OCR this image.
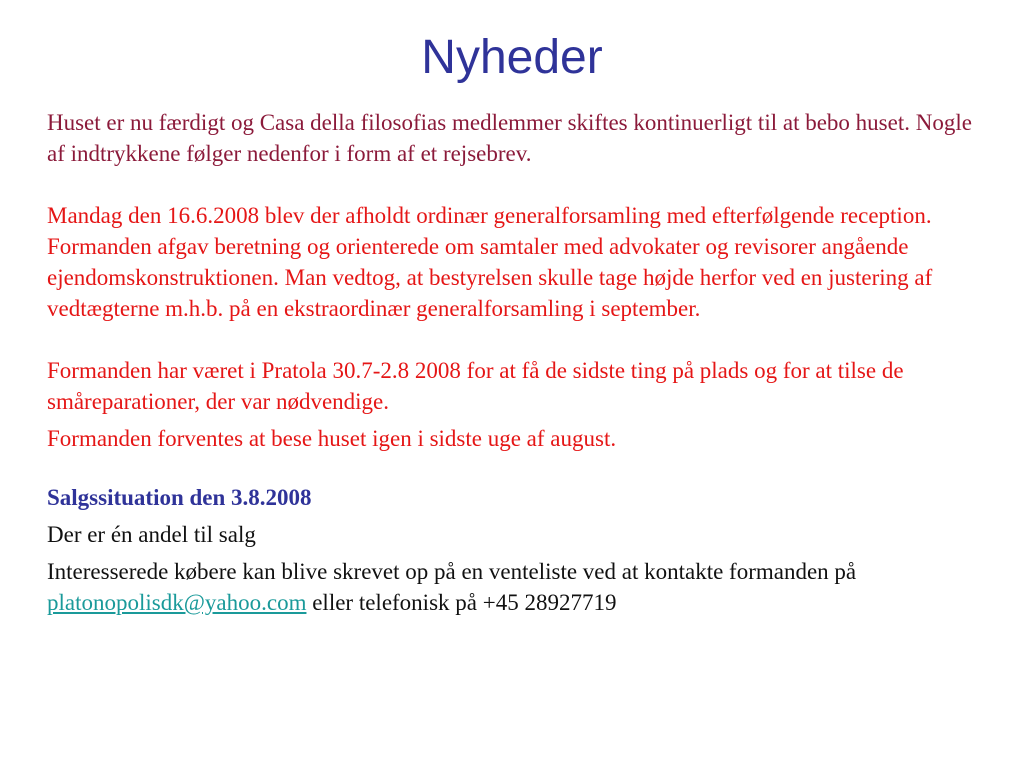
Nyheder

Huset er nu færdigt og Casa della filosofias medlemmer skiftes kontinuerligt til at bebo huset. Nogle af indtrykkene følger nedenfor i form af et rejsebrev.

Mandag den 16.6.2008 blev der afholdt ordinær generalforsamling med efterfølgende reception. Formanden afgav beretning og orienterede om samtaler med advokater og revisorer angående ejendomskonstruktionen. Man vedtog, at bestyrelsen skulle tage højde herfor ved en justering af vedtægterne m.h.b. på en ekstraordinær generalforsamling i september.

Formanden har været i Pratola 30.7-2.8 2008 for at få de sidste ting på plads og for at tilse de småreparationer, der var nødvendige.

Formanden forventes at bese huset igen i sidste uge af august.

Salgssituation den 3.8.2008

Der er én andel til salg

Interesserede købere kan blive skrevet op på en venteliste ved at kontakte formanden på platonopolisdk@yahoo.com eller telefonisk på +45 28927719
